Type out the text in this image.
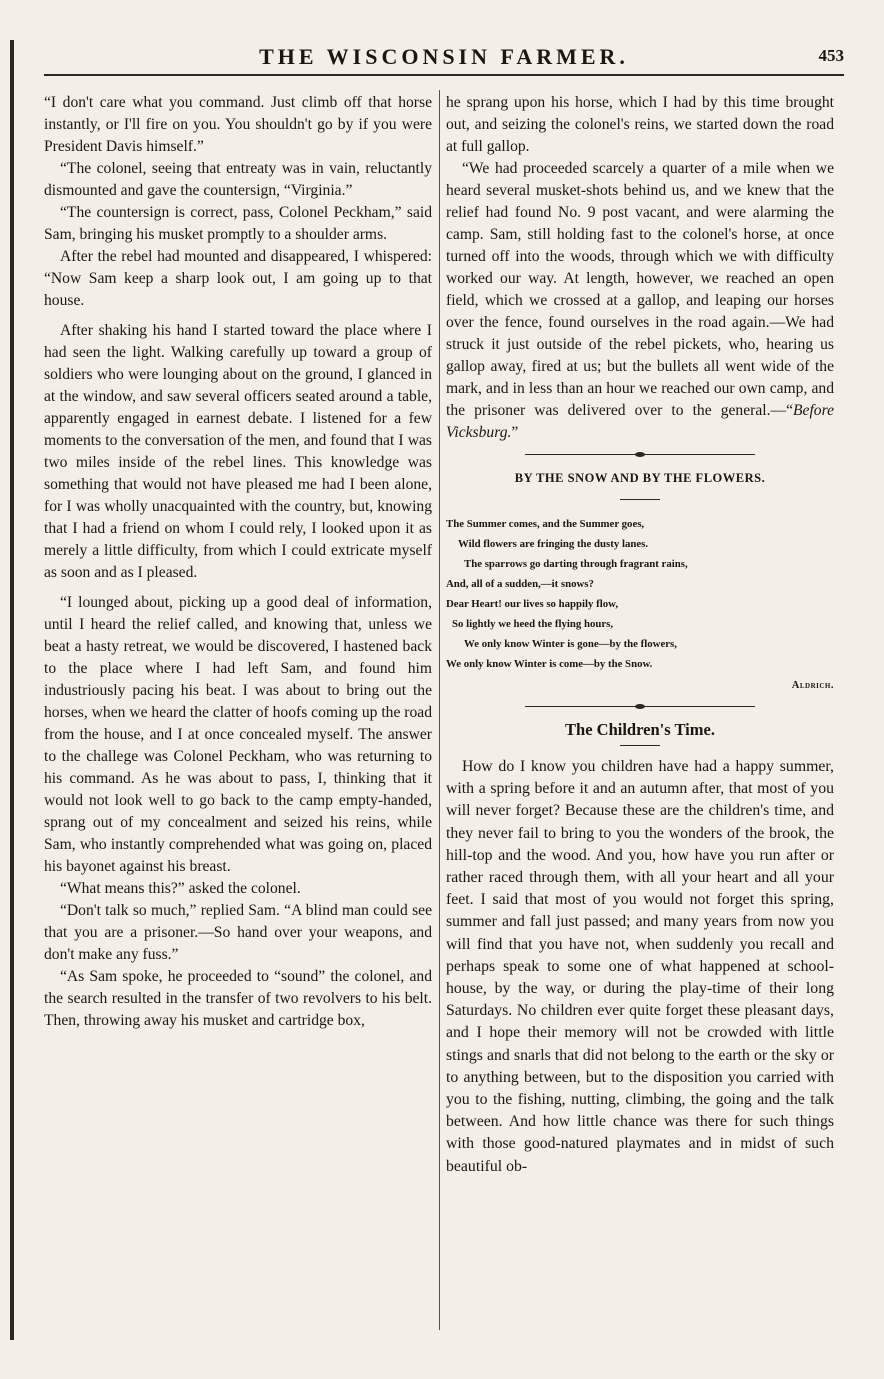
THE WISCONSIN FARMER.	453

“I don't care what you command. Just climb off that horse instantly, or I'll fire on you. You shouldn't go by if you were President Davis himself.”

“The colonel, seeing that entreaty was in vain, reluctantly dismounted and gave the countersign, “Virginia.”

“The countersign is correct, pass, Colonel Peckham,” said Sam, bringing his musket promptly to a shoulder arms.

After the rebel had mounted and disappeared, I whispered: “Now Sam keep a sharp look out, I am going up to that house.

After shaking his hand I started toward the place where I had seen the light. Walking carefully up toward a group of soldiers who were lounging about on the ground, I glanced in at the window, and saw several officers seated around a table, apparently engaged in earnest debate. I listened for a few moments to the conversation of the men, and found that I was two miles inside of the rebel lines. This knowledge was something that would not have pleased me had I been alone, for I was wholly unacquainted with the country, but, knowing that I had a friend on whom I could rely, I looked upon it as merely a little difficulty, from which I could extricate myself as soon and as I pleased.

“I lounged about, picking up a good deal of information, until I heard the relief called, and knowing that, unless we beat a hasty retreat, we would be discovered, I hastened back to the place where I had left Sam, and found him industriously pacing his beat. I was about to bring out the horses, when we heard the clatter of hoofs coming up the road from the house, and I at once concealed myself. The answer to the challege was Colonel Peckham, who was returning to his command. As he was about to pass, I, thinking that it would not look well to go back to the camp empty-handed, sprang out of my concealment and seized his reins, while Sam, who instantly comprehended what was going on, placed his bayonet against his breast.

“What means this?” asked the colonel.

“Don't talk so much,” replied Sam. “A blind man could see that you are a prisoner.—So hand over your weapons, and don't make any fuss.”

“As Sam spoke, he proceeded to “sound” the colonel, and the search resulted in the transfer of two revolvers to his belt. Then, throwing away his musket and cartridge box,

he sprang upon his horse, which I had by this time brought out, and seizing the colonel's reins, we started down the road at full gallop.

“We had proceeded scarcely a quarter of a mile when we heard several musket-shots behind us, and we knew that the relief had found No. 9 post vacant, and were alarming the camp. Sam, still holding fast to the colonel's horse, at once turned off into the woods, through which we with difficulty worked our way. At length, however, we reached an open field, which we crossed at a gallop, and leaping our horses over the fence, found ourselves in the road again.—We had struck it just outside of the rebel pickets, who, hearing us gallop away, fired at us; but the bullets all went wide of the mark, and in less than an hour we reached our own camp, and the prisoner was delivered over to the general.—“Before Vicksburg.”

BY THE SNOW AND BY THE FLOWERS.
The Summer comes, and the Summer goes,
Wild flowers are fringing the dusty lanes.
The sparrows go darting through fragrant rains,
And, all of a sudden,—it snows?
Dear Heart! our lives so happily flow,
So lightly we heed the flying hours,
We only know Winter is gone—by the flowers,
We only know Winter is come—by the Snow.
Aldrich.
The Children's Time.

How do I know you children have had a happy summer, with a spring before it and an autumn after, that most of you will never forget? Because these are the children's time, and they never fail to bring to you the wonders of the brook, the hill-top and the wood. And you, how have you run after or rather raced through them, with all your heart and all your feet. I said that most of you would not forget this spring, summer and fall just passed; and many years from now you will find that you have not, when suddenly you recall and perhaps speak to some one of what happened at school-house, by the way, or during the play-time of their long Saturdays. No children ever quite forget these pleasant days, and I hope their memory will not be crowded with little stings and snarls that did not belong to the earth or the sky or to anything between, but to the disposition you carried with you to the fishing, nutting, climbing, the going and the talk between. And how little chance was there for such things with those good-natured playmates and in midst of such beautiful ob-
